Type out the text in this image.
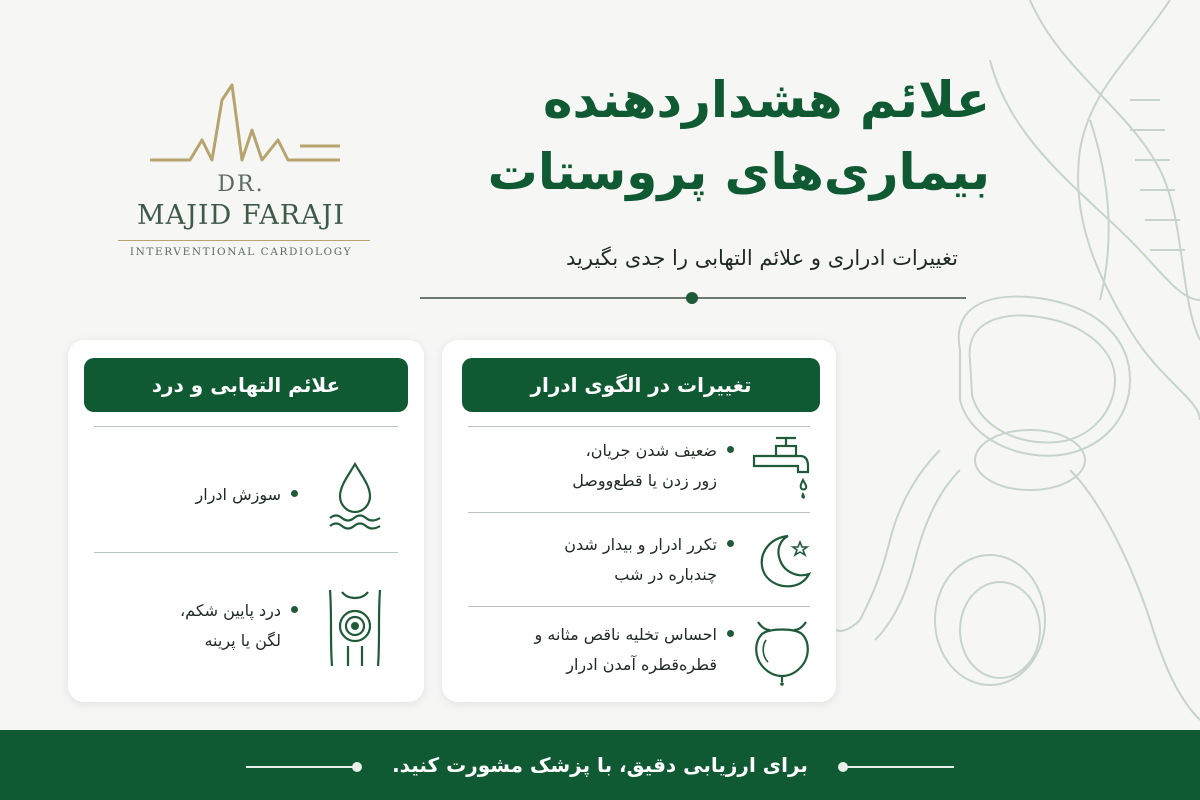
DR.
MAJID FARAJI
INTERVENTIONAL CARDIOLOGY
علائم هشداردهنده
بیماری‌های پروستات
تغییرات ادراری و علائم التهابی را جدی بگیرید
علائم التهابی و درد
سوزش ادرار
درد پایین شکم،
لگن یا پرینه
تغییرات در الگوی ادرار
ضعیف شدن جریان،
زور زدن یا قطع‌ووصل
تکرر ادرار و بیدار شدن
چندباره در شب
احساس تخلیه ناقص مثانه و
قطره‌قطره آمدن ادرار
برای ارزیابی دقیق، با پزشک مشورت کنید.
